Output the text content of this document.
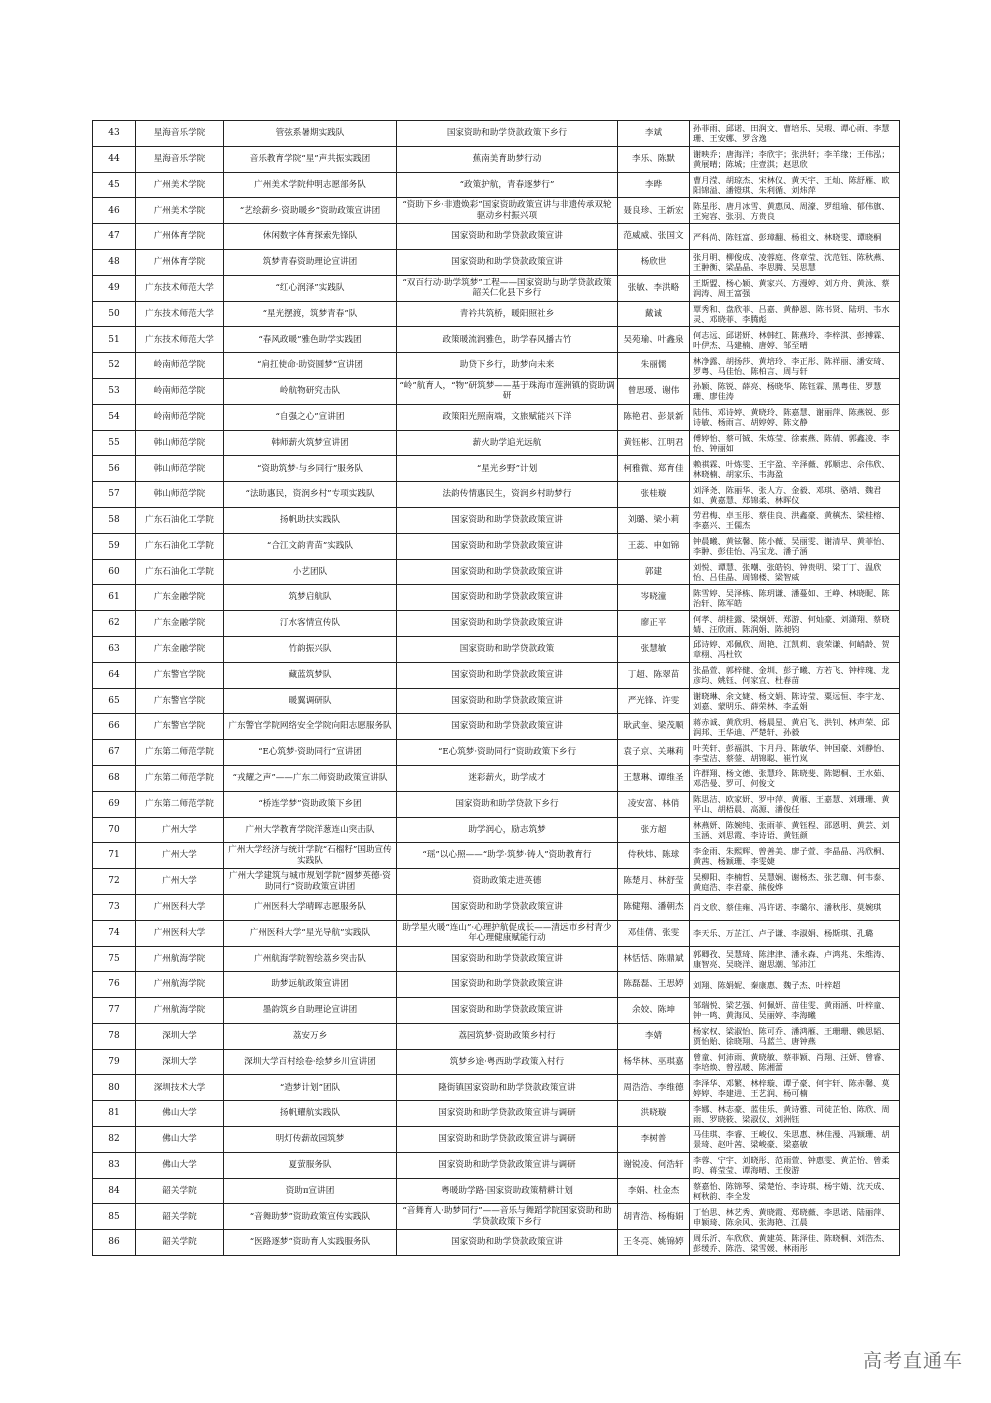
43	星海音乐学院	管弦系暑期实践队	国家资助和助学贷款政策下乡行	李斌	孙菲雨、邱诺、田润文、曹培乐、吴瑕、谭心雨、李慧珊、王安娜、罗含逸
44	星海音乐学院	音乐教育学院“星”声共振实践团	蕉南美育助梦行动	李乐、陈默	谢映乔；唐海洋；李欣宇；张洪轩；李羊缘；王伟泓；黄展晴；陈城；庄壹淇；赵思欣
45	广州美术学院	广州美术学院仲明志愿部务队	“政策护航，青春逐梦行”	李晔	曹月滢、胡琼杰、宋林仪、黄天宇、王灿、陈舒雁、欧阳锦溢、潘镫琪、朱利循、刘炜萍
46	广州美术学院	“艺绘薪乡·资助暖乡”资助政策宣讲团	“资助下乡·非遗焕彩”国家资助政策宣讲与非遗传承双轮驱动乡村振兴项	聂良珍、王新宏	陈星彤、唐月冰雪、黄惠凤、周濠、罗组瑜、郁伟旗、王宛容、张羽、方贵良
47	广州体育学院	休闲数字体育探索先锋队	国家资助和助学贷款政策宣讲	范威威、张国文	严科尚、陈钰富、彭璋翻、杨祖文、林晓雯、谭晓桐
48	广州体育学院	筑梦青春资助理论宣讲团	国家资助和助学贷款政策宣讲	杨欣世	张月明、柳俊成、凌蓉庭、佟章莹、沈范钰、陈秋燕、王翀衡、梁晶晶、李思腾、吴思慧
49	广东技术师范大学	“红心润泽”实践队	“双百行动·助学筑梦”工程——国家资助与助学贷款政策韶关仁化县下乡行	张敏、李洪略	王斯盟、杨心颖、黄家兴、方漫婷、刘方舟、黄泳、蔡润涛、周王富强
50	广东技术师范大学	“星光摆渡，筑梦青春”队	青衿共筑桥，暖阳照社乡	戴诚	覃秀和、盘欣菲、吕嘉、黄静恩、陈书贤、陆玥、韦水灵、邓晓菲、李腾彪
51	广东技术师范大学	“春风政暖”雅色助学实践团	政策暖流润雅色，助学春风播古竹	吴苑瑜、叶鑫泉	何志远、邱诺妍、林韩红、陈燕玲、李梓淇、彭搏霖、叶伊杰、马建楠、唐婷、邹至晴
52	岭南师范学院	“肩扛使命·助资圆梦”宣讲团	助贷下乡行，助梦向未来	朱丽儒	林净露、胡扬莎、黄培玲、李正彤、陈祥丽、潘安琦、罗粤、马佳怡、陈柏言、周与轩
53	岭南师范学院	岭航物研究击队	“岭”航育人，“物”研筑梦——基于珠海市莲洲镇的资助调研	曾思瑷、谢伟	孙颖、陈锐、薛亮、杨晓华、陈钰霖、黑粤佳、罗慧珊、廖佳涛
54	岭南师范学院	“自强之心”宣讲团	政策阳光照南端，文旅赋能兴下洋	陈艳君、彭景新	陆伟、邓诗婷、黄晓玲、陈嘉慧、谢丽萍、陈燕锐、彭诗敏、杨雨言、胡婷婷、陈文静
55	韩山师范学院	韩师薪火筑梦宣讲团	薪火助学追光远航	黄钰彬、江明君	傅婷怡、蔡可铖、朱炼莹、徐素燕、陈倩、郭鑫凌、李怡、钟丽如
56	韩山师范学院	“资助筑梦·与乡同行”服务队	“星光乡野”计划	柯雅微、郑育佳	赖祺霖、叶炼雯、王宇盈、辛泽薇、郭顺忠、佘伟欣、林晓楠、胡家乐、韦海盈
57	韩山师范学院	“法助惠民，资润乡村”专项实践队	法韵传情惠民生，资润乡村助梦行	张桂璇	刘泽尧、陈丽华、张人方、金毅、邓琪、骆靖、魏君如、黄嘉慧、郑锦柔、林晖仪
58	广东石油化工学院	扬帆助扶实践队	国家资助和助学贷款政策宣讲	刘璐、梁小莉	劳君梅、卓玉彤、蔡佳良、洪鑫豪、黄稹杰、梁桂榕、李嘉兴、王儒杰
59	广东石油化工学院	“合江文韵青苗”实践队	国家资助和助学贷款政策宣讲	王蕊、申如锦	钟晨曦、黄铉馨、陈小薇、吴丽雯、谢清早、黄菲怡、李翀、彭佳怡、冯宝龙、潘子涵
60	广东石油化工学院	小艺团队	国家资助和助学贷款政策宣讲	郭建	刘悦、谭慧、张嘲、张皓钧、钟贵明、梁丁丁、温欣怡、吕佳晶、周锦楼、梁智威
61	广东金融学院	筑梦启航队	国家资助和助学贷款政策宣讲	岑晓潼	陈雪婷、吴泽栋、陈玥谦、潘蔓如、王峥、林晓昵、陈治轩、陈军皓
62	广东金融学院	汀水客情宣传队	国家资助和助学贷款政策宣讲	廖正平	何孝、胡桂露、梁炯妍、郑游、何灿豪、刘潇翔、蔡晓婧、汪欣雨、陈润娟、陈昶钧
63	广东金融学院	竹韵振兴队	国家资助和助学贷款政策	张慧敏	邱诗婷、邓佩欣、周艳、江凯莉、袁荣谦、何峭龄、贺章栩、冯杜钦
64	广东警官学院	藏蓝筑梦队	国家资助和助学贷款政策宣讲	丁超、陈翠苗	张晶萱、郭梓健、金圳、彭子曦、方若飞、钟梓瑰、龙彦均、姚钰、何家宜、杜春苗
65	广东警官学院	暖翼调研队	国家资助和助学贷款政策宣讲	严光锋、许雯	谢晓琳、余文婕、杨文娟、陈诗莹、粟远恒、李宇龙、刘嘉、蒙明乐、薛荣林、李孟娟
66	广东警官学院	广东警官学院网络安全学院向阳志愿服务队	国家资助和助学贷款政策宣讲	耿武奎、梁茂顺	蒋赤诚、黄欣玥、杨晨星、黄启飞、洪钊、林声荣、邱润邦、王华迪、严楚轩、孙毅
67	广东第二师范学院	“E心筑梦·资助同行”宣讲团	“E心筑梦·资助同行”资助政策下乡行	袁子京、关琳莉	叶芙轩、彭福淇、卞月丹、陈敏华、钟国豪、刘静怡、李莹洁、蔡蓥、胡锦聪、崔竹岚
68	广东第二师范学院	“戎耀之声”——广东二师资助政策宣讲队	迷彩薪火，助学成才	王慧琳、谭维圣	许群翔、杨文德、张慧玲、陈晓斐、陈锶桐、王水茹、邓浩曼、罗可、何俊文
69	广东第二师范学院	“桥连学梦”资助政策下乡团	国家资助和助学贷款下乡行	凌安富、林俏	陈思洁、欧家妍、罗中萍、黄雁、王嘉慧、刘珊珊、黄平山、胡梧晨、高源、潘俊任
70	广州大学	广州大学教育学院洋葱连山突击队	助学润心，励志筑梦	张方超	林燕妍、陈婉纯、张雨菲、黄钰程、邵恩明、黄芸、刘玉涵、刘思霞、李诗语、黄钰颜
71	广州大学	广州大学经济与统计学院“石榴籽”国助宣传实践队	“瑶”以心照——“助学·筑梦·铸人”资助教育行	侍秋炜、陈球	李金雨、朱熙辉、曾善美、廖子萱、李晶晶、冯欣桐、黄茜、杨颖珊、李雯婕
72	广州大学	广州大学建筑与城市规划学院“圆梦英德·资助同行”资助政策宣讲团	资助政策走进英德	陈楚月、林舒莹	吴柳阳、李楠哲、吴慧娴、谢杨杰、张艺珈、何韦泰、黄庭浩、李君豪、熊俊烨
73	广州医科大学	广州医科大学晴晖志愿服务队	国家资助和助学贷款政策宣讲	陈健翔、潘朝杰	肖文欣、蔡佳雍、冯许诺、李璐尔、潘秋彤、莫婉琪
74	广州医科大学	广州医科大学“星光导航”实践队	助学星火暖“连山”·心理护航促成长——清远市乡村青少年心理健康赋能行动	邓佳倩、张雯	李天乐、万芷江、卢子谦、李淑娟、杨斯琪、孔璐
75	广州航海学院	广州航海学院智绘荔乡突击队	国家资助和助学贷款政策宣讲	林恬恬、陈鼎斌	郭卿孜、吴慧琦、陈津津、潘永森、卢鸿兆、朱维涛、康智亮、吴晓洋、谢思潮、邹沛江
76	广州航海学院	助梦远航政策宣讲团	国家资助和助学贷款政策宣讲	陈磊磊、王思婷	刘翔、陈娟妮、秦康惠、魏子杰、叶梓超
77	广州航海学院	墨韵筑乡自助理论宣讲团	国家资助和助学贷款政策宣讲	余姣、陈坤	邹瑞悦、梁艺强、何佩妍、苗佳雯、黄雨涵、叶梓童、钟一鸣、黄海凤、吴丽婷、李海曦
78	深圳大学	荔安万乡	荔园筑梦·资助政策乡村行	李婧	杨家权、梁淑怡、陈可乔、潘鸿雁、王珊珊、赖思韬、贾怡贻、徐晓翔、马蓝兰、唐钟燕
79	深圳大学	深圳大学百村绘卷·绘梦乡川宣讲团	筑梦乡途·粤西助学政策入村行	杨华林、巫琪嘉	曾童、何沛雨、黄晓敏、蔡菲颖、肖翔、汪妍、曾睿、李培焕、曾泓暖、陈湘蕾
80	深圳技术大学	“造梦计划”团队	隆街镇国家资助和助学贷款政策宣讲	周浩浩、李维德	李泽华、邓繁、林梓璇、谭子豪、何宇轩、陈赤馨、莫婷婷、李建进、王艺润、杨可楠
81	佛山大学	扬帆耀航实践队	国家资助和助学贷款政策宣讲与调研	洪晓璇	李娜、林志豪、蓝佳乐、黄诗雅、司徒芷怡、陈欣、周雨、罗晓筱、梁淑仪、刘洲钰
82	佛山大学	明灯传薪故园筑梦	国家资助和助学贷款政策宣讲与调研	李树普	马佳琪、李睿、王峻仪、朱思惠、林佳漫、冯颖珊、胡景琦、赵叶茜、梁峻豪、梁嘉敏
83	佛山大学	夏萤服务队	国家资助和助学贷款政策宣讲与调研	谢锐凌、何浩轩	李蓉、宁宇、刘晓彤、范雨萱、钟惠雯、黄芷怡、曾柔昀、蒋莹莹、谭海晴、王俊游
84	韶关学院	资助π宣讲团	粤暖助学路·国家资助政策精耕计划	李娟、杜金杰	蔡嘉怡、陈锦琴、梁楚怡、李诗琪、杨宇婧、沈天成、柯秋韵、李全发
85	韶关学院	“音舞助梦”资助政策宣传实践队	“音舞育人·助梦同行”——音乐与舞蹈学院国家资助和助学贷款政策下乡行	胡青浩、杨梅娟	丁怡思、林艺秀、黄晓霞、郑晓薇、李思诺、陆丽萍、申颖琦、陈余风、张海艳、江晨
86	韶关学院	“医路逐梦”资助育人实践服务队	国家资助和助学贷款政策宣讲	王冬亮、姚锦婷	周乐沂、车欣欣、黄建英、陈泽佳、陈晓桐、刘浩杰、彭缓乔、陈浩、梁雪媛、林雨彤
高考直通车
